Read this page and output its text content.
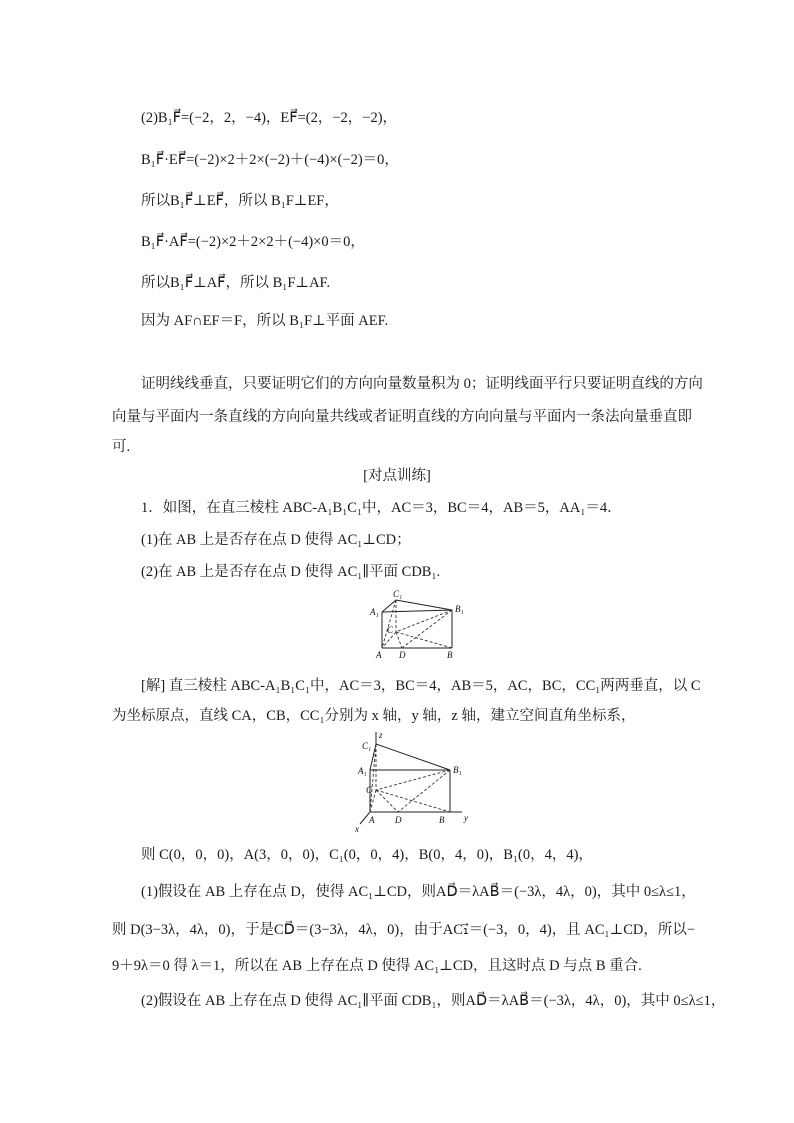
(2)B₁F⃗=(−2，2，−4)，EF⃗=(2，−2，−2)，
B₁F⃗·EF⃗=(−2)×2＋2×(−2)＋(−4)×(−2)＝0，
所以B₁F⃗⊥EF⃗，所以 B₁F⊥EF，
B₁F⃗·AF⃗=(−2)×2＋2×2＋(−4)×0＝0，
所以B₁F⃗⊥AF⃗，所以 B₁F⊥AF.
因为 AF∩EF＝F，所以 B₁F⊥平面 AEF.
证明线线垂直，只要证明它们的方向向量数量积为 0；证明线面平行只要证明直线的方向
向量与平面内一条直线的方向向量共线或者证明直线的方向向量与平面内一条法向量垂直即
可.
[对点训练]
1．如图，在直三棱柱 ABC-A₁B₁C₁中，AC＝3，BC＝4，AB＝5，AA₁＝4．
(1)在 AB 上是否存在点 D 使得 AC₁⊥CD；
(2)在 AB 上是否存在点 D 使得 AC₁∥平面 CDB₁.
C₁
A₁	B₁
C
A D	B
[解] 直三棱柱 ABC-A₁B₁C₁中，AC＝3，BC＝4，AB＝5，AC，BC，CC₁两两垂直，以 C
为坐标原点，直线 CA，CB，CC₁分别为 x 轴，y 轴，z 轴，建立空间直角坐标系，
z
C₁
A₁	B₁
C
A D	B y
x
则 C(0，0，0)，A(3，0，0)，C₁(0，0，4)，B(0，4，0)，B₁(0，4，4)，
(1)假设在 AB 上存在点 D，使得 AC₁⊥CD，则AD⃗＝λAB⃗＝(−3λ，4λ，0)，其中 0≤λ≤1，
则 D(3−3λ，4λ，0)，于是CD⃗＝(3−3λ，4λ，0)，由于AC₁⃗＝(−3，0，4)，且 AC₁⊥CD，所以−
9＋9λ＝0 得 λ＝1，所以在 AB 上存在点 D 使得 AC₁⊥CD，且这时点 D 与点 B 重合.
(2)假设在 AB 上存在点 D 使得 AC₁∥平面 CDB₁，则AD⃗＝λAB⃗＝(−3λ，4λ，0)，其中 0≤λ≤1，
